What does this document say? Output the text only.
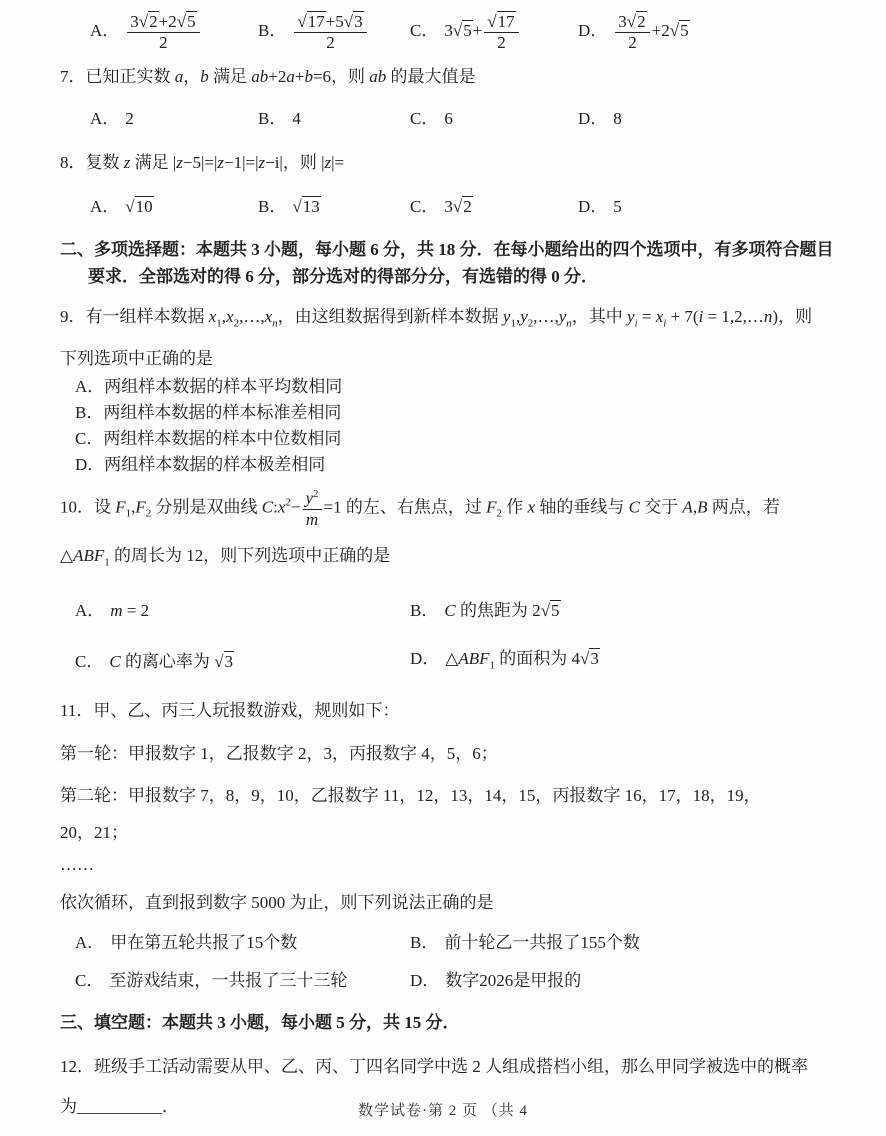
A． $\frac{3√2+2√5}{2}$	B． $\frac{√17+5√3}{2}$ C． $3√5+ \frac{√17}{2}$	D． $\frac{3√2}{2} +2√5$
7．已知正实数 a，b 满足 ab+2a+b=6，则 ab 的最大值是
A． 2	B． 4	C． 6	D． 8
8．复数 z 满足 |z−5|=|z−1|=|z−i|，则 |z|=
A． √10	B． √13	C． 3√2	D． 5
二、多项选择题：本题共 3 小题，每小题 6 分，共 18 分．在每小题给出的四个选项中，有多项符合题目
要求．全部选对的得 6 分，部分选对的得部分分，有选错的得 0 分．
9．有一组样本数据 $x_1,x_2,\dots,x_n$，由这组数据得到新样本数据 $y_1,y_2,\dots,y_n$，其中 $y_i = x_i + 7(i$ = 1,2,…n)，则
下列选项中正确的是
A．两组样本数据的样本平均数相同
B．两组样本数据的样本标准差相同
C．两组样本数据的样本中位数相同
D．两组样本数据的样本极差相同
10．设 $F_1,F_2$ 分别是双曲线 $C:x^2- \frac{y^2}{m} =1$ 的左、右焦点，过 $F_2$ 作 x 轴的垂线与 C 交于 A,B 两点，若
$\triangle ABF_1$ 的周长为 12，则下列选项中正确的是
A． m = 2	B． C 的焦距为 2√5
C． C 的离心率为 √3	D． $\triangle ABF_1$ 的面积为 4√3
11．甲、乙、丙三人玩报数游戏，规则如下：
第一轮：甲报数字 1，乙报数字 2，3，丙报数字 4，5，6；
第二轮：甲报数字 7，8，9，10，乙报数字 11，12，13，14，15，丙报数字 16，17，18，19，
20，21；
……
依次循环，直到报到数字 5000 为止，则下列说法正确的是
A． 甲在第五轮共报了15个数	B． 前十轮乙一共报了155个数
C． 至游戏结束，一共报了三十三轮	D． 数字2026是甲报的
三、填空题：本题共 3 小题，每小题 5 分，共 15 分．
12．班级手工活动需要从甲、乙、丙、丁四名同学中选 2 人组成搭档小组，那么甲同学被选中的概率
为__________．	数学试卷·第 2 页 （共 4
